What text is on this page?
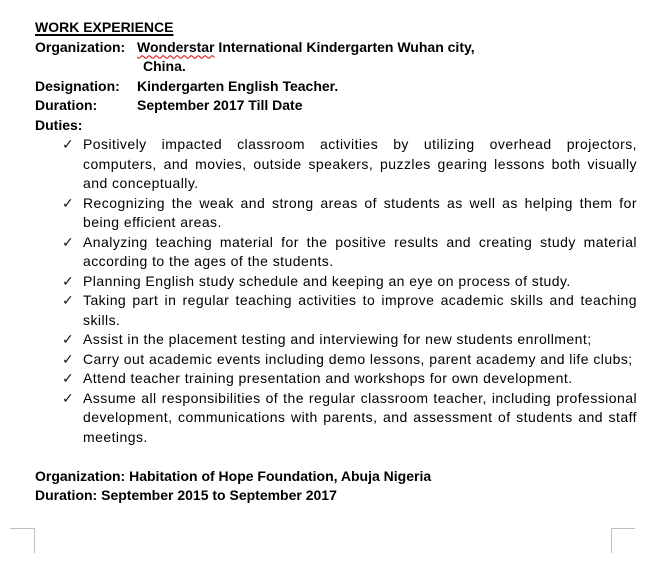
WORK EXPERIENCE
Organization: Wonderstar International Kindergarten Wuhan city,
China.
Designation:	Kindergarten English Teacher.
Duration:	September 2017 Till Date
Duties:
✓ Positively impacted classroom activities by utilizing overhead projectors, computers, and movies, outside speakers, puzzles gearing lessons both visually and conceptually.
✓ Recognizing the weak and strong areas of students as well as helping them for being efficient areas.
✓ Analyzing teaching material for the positive results and creating study material according to the ages of the students.
✓ Planning English study schedule and keeping an eye on process of study.
✓ Taking part in regular teaching activities to improve academic skills and teaching skills.
✓ Assist in the placement testing and interviewing for new students enrollment;
✓ Carry out academic events including demo lessons, parent academy and life clubs;
✓ Attend teacher training presentation and workshops for own development.
✓ Assume all responsibilities of the regular classroom teacher, including professional development, communications with parents, and assessment of students and staff meetings.
Organization: Habitation of Hope Foundation, Abuja Nigeria
Duration: September 2015 to September 2017
